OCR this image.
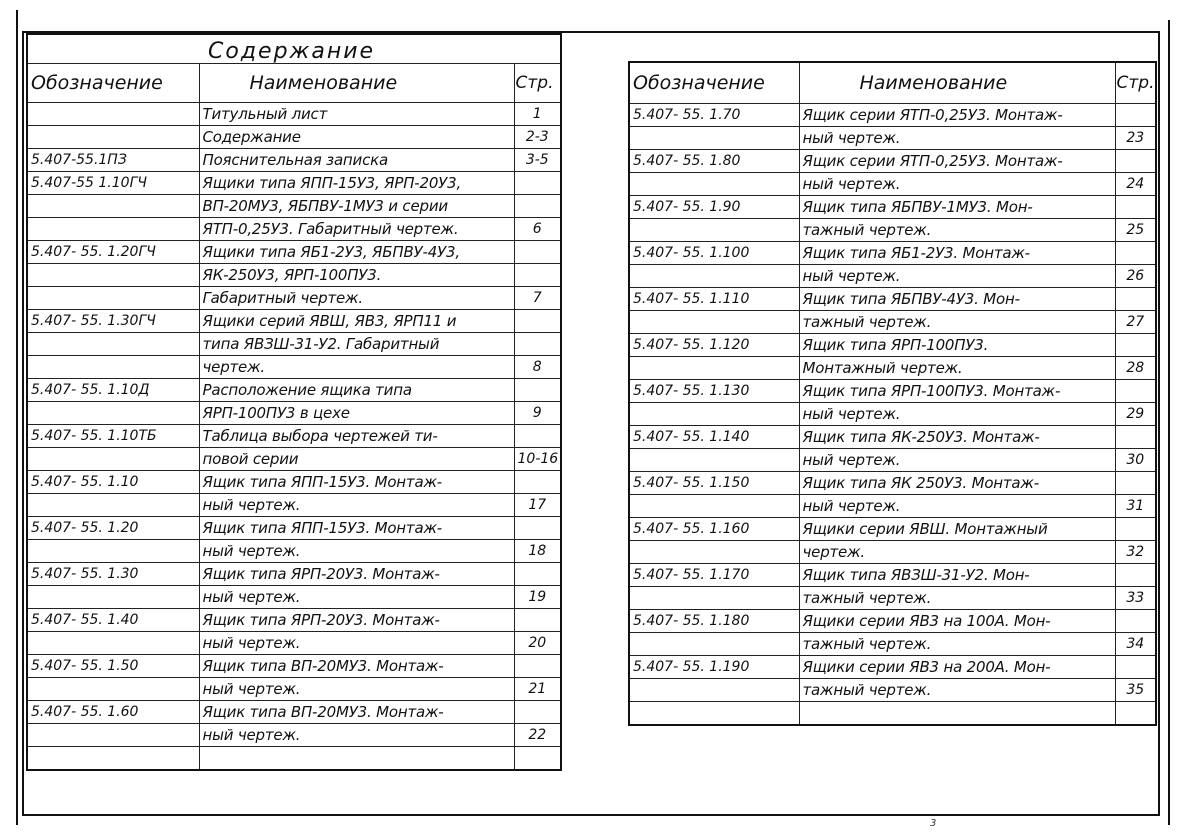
Содержание		
Обозначение	Наименование	Стр.
	Титульный лист	1
	Содержание	2-3
5.407-55.1ПЗ	Пояснительная записка	3-5
5.407-55 1.10ГЧ	Ящики типа ЯПП-15У3, ЯРП-20У3,	
	ВП-20МУ3, ЯБПВУ-1МУ3 и серии	
	ЯТП-0,25У3. Габаритный чертеж.	6
5.407- 55. 1.20ГЧ	Ящики типа ЯБ1-2У3, ЯБПВУ-4У3,	
	ЯК-250У3, ЯРП-100ПУ3.	
	Габаритный чертеж.	7
5.407- 55. 1.30ГЧ	Ящики серий ЯВШ, ЯВ3, ЯРП11 и	
	типа ЯВЗШ-31-У2. Габаритный	
	чертеж.	8
5.407- 55. 1.10Д	Расположение ящика типа	
	ЯРП-100ПУ3 в цехе	9
5.407- 55. 1.10ТБ	Таблица выбора чертежей ти-	
	повой серии	10-16
5.407- 55. 1.10	Ящик типа ЯПП-15У3. Монтаж-	
	ный чертеж.	17
5.407- 55. 1.20	Ящик типа ЯПП-15У3. Монтаж-	
	ный чертеж.	18
5.407- 55. 1.30	Ящик типа ЯРП-20У3. Монтаж-	
	ный чертеж.	19
5.407- 55. 1.40	Ящик типа ЯРП-20У3. Монтаж-	
	ный чертеж.	20
5.407- 55. 1.50	Ящик типа ВП-20МУ3. Монтаж-	
	ный чертеж.	21
5.407- 55. 1.60	Ящик типа ВП-20МУ3. Монтаж-	
	ный чертеж.	22

Обозначение	Наименование	Стр.
5.407- 55. 1.70	Ящик серии ЯТП-0,25У3. Монтаж-	
	ный чертеж.	23
5.407- 55. 1.80	Ящик серии ЯТП-0,25У3. Монтаж-	
	ный чертеж.	24
5.407- 55. 1.90	Ящик типа ЯБПВУ-1МУ3. Мон-	
	тажный чертеж.	25
5.407- 55. 1.100	Ящик типа ЯБ1-2У3. Монтаж-	
	ный чертеж.	26
5.407- 55. 1.110	Ящик типа ЯБПВУ-4У3. Мон-	
	тажный чертеж.	27
5.407- 55. 1.120	Ящик типа ЯРП-100ПУ3.	
	Монтажный чертеж.	28
5.407- 55. 1.130	Ящик типа ЯРП-100ПУ3. Монтаж-	
	ный чертеж.	29
5.407- 55. 1.140	Ящик типа ЯК-250У3. Монтаж-	
	ный чертеж.	30
5.407- 55. 1.150	Ящик типа ЯК 250У3. Монтаж-	
	ный чертеж.	31
5.407- 55. 1.160	Ящики серии ЯВШ. Монтажный	
	чертеж.	32
5.407- 55. 1.170	Ящик типа ЯВЗШ-31-У2. Мон-	
	тажный чертеж.	33
5.407- 55. 1.180	Ящики серии ЯВ3 на 100А. Мон-	
	тажный чертеж.	34
5.407- 55. 1.190	Ящики серии ЯВ3 на 200А. Мон-	
	тажный чертеж.	35

3
